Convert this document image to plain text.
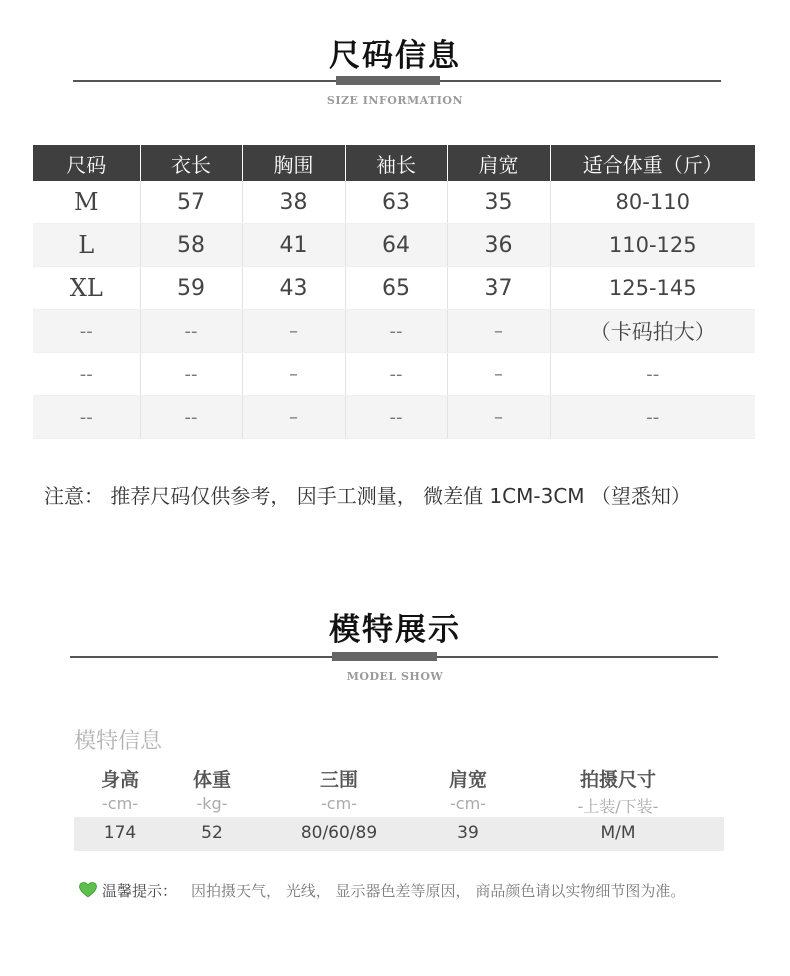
尺码信息
SIZE INFORMATION
尺码	衣长	胸围	袖长	肩宽	适合体重（斤）
M	57	38	63	35	80-110
L	58	41	64	36	110-125
XL	59	43	65	37	125-145
--	--	–	--	–	（卡码拍大）
--	--	–	--	–	--
--	--	–	--	–	--
注意： 推荐尺码仅供参考， 因手工测量， 微差值 1CM-3CM （望悉知）
模特展示
MODEL SHOW
模特信息
身高	体重	三围	肩宽	拍摄尺寸
-cm-	-kg-	-cm-	-cm-	-上装/下装-
174	52	80/60/89	39	M/M
温馨提示： 因拍摄天气， 光线， 显示器色差等原因， 商品颜色请以实物细节图为准。
